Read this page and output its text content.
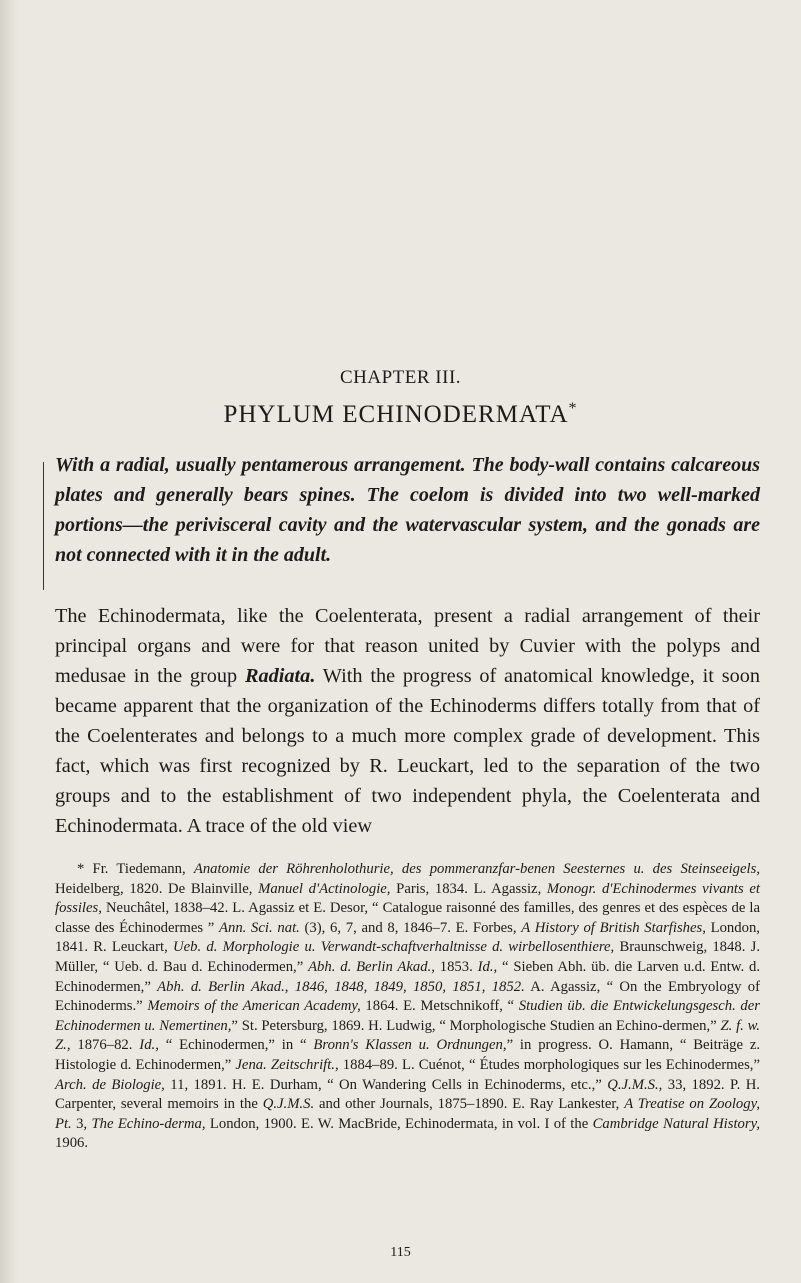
CHAPTER III.
PHYLUM ECHINODERMATA*

With a radial, usually pentamerous arrangement. The body-wall contains calcareous plates and generally bears spines. The coelom is divided into two well-marked portions—the perivisceral cavity and the watervascular system, and the gonads are not connected with it in the adult.

The Echinodermata, like the Coelenterata, present a radial arrangement of their principal organs and were for that reason united by Cuvier with the polyps and medusae in the group Radiata. With the progress of anatomical knowledge, it soon became apparent that the organization of the Echinoderms differs totally from that of the Coelenterates and belongs to a much more complex grade of development. This fact, which was first recognized by R. Leuckart, led to the separation of the two groups and to the establishment of two independent phyla, the Coelenterata and Echinodermata. A trace of the old view

* Fr. Tiedemann, Anatomie der Röhrenholothurie, des pommeranzfar-benen Seesternes u. des Steinseeigels, Heidelberg, 1820. De Blainville, Manuel d'Actinologie, Paris, 1834. L. Agassiz, Monogr. d'Echinodermes vivants et fossiles, Neuchâtel, 1838–42. L. Agassiz et E. Desor, “ Catalogue raisonné des familles, des genres et des espèces de la classe des Échinodermes ” Ann. Sci. nat. (3), 6, 7, and 8, 1846–7. E. Forbes, A History of British Starfishes, London, 1841. R. Leuckart, Ueb. d. Morphologie u. Verwandt-schaftverhaltnisse d. wirbellosenthiere, Braunschweig, 1848. J. Müller, “ Ueb. d. Bau d. Echinodermen,” Abh. d. Berlin Akad., 1853. Id., “ Sieben Abh. üb. die Larven u.d. Entw. d. Echinodermen,” Abh. d. Berlin Akad., 1846, 1848, 1849, 1850, 1851, 1852. A. Agassiz, “ On the Embryology of Echinoderms.” Memoirs of the American Academy, 1864. E. Metschnikoff, “ Studien üb. die Entwickelungsgesch. der Echinodermen u. Nemertinen,” St. Petersburg, 1869. H. Ludwig, “ Morphologische Studien an Echino-dermen,” Z. f. w. Z., 1876–82. Id., “ Echinodermen,” in “ Bronn's Klassen u. Ordnungen,” in progress. O. Hamann, “ Beiträge z. Histologie d. Echinodermen,” Jena. Zeitschrift., 1884–89. L. Cuénot, “ Études morphologiques sur les Echinodermes,” Arch. de Biologie, 11, 1891. H. E. Durham, “ On Wandering Cells in Echinoderms, etc.,” Q.J.M.S., 33, 1892. P. H. Carpenter, several memoirs in the Q.J.M.S. and other Journals, 1875–1890. E. Ray Lankester, A Treatise on Zoology, Pt. 3, The Echino-derma, London, 1900. E. W. MacBride, Echinodermata, in vol. I of the Cambridge Natural History, 1906.

115
